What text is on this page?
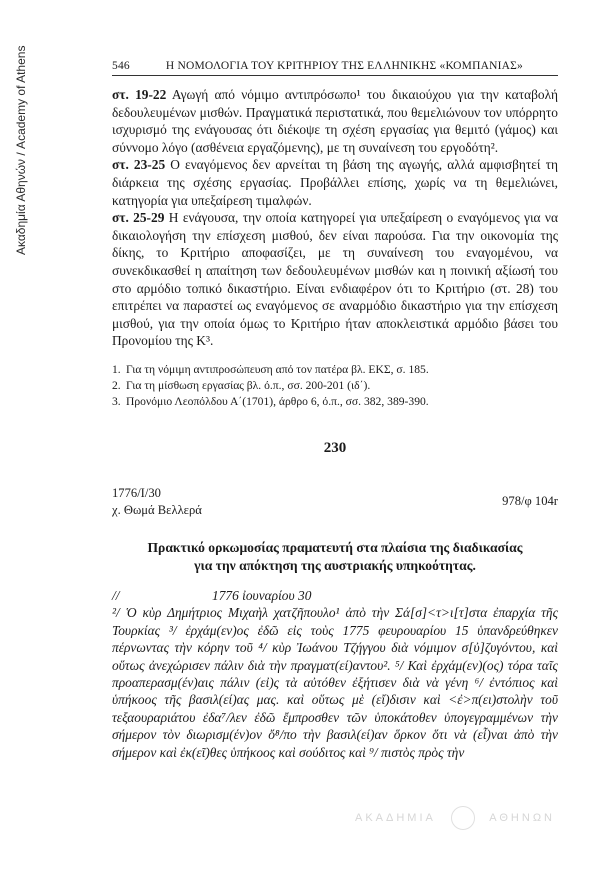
Ακαδημία Αθηνών / Academy of Athens	546	Η ΝΟΜΟΛΟΓΙΑ ΤΟΥ ΚΡΙΤΗΡΙΟΥ ΤΗΣ ΕΛΛΗΝΙΚΗΣ «ΚΟΜΠΑΝΙΑΣ»

στ. 19-22 Αγωγή από νόμιμο αντιπρόσωπο¹ του δικαιούχου για την καταβολή δεδουλευμένων μισθών. Πραγματικά περιστατικά, που θεμελιώνουν τον υπόρρητο ισχυρισμό της ενάγουσας ότι διέκοψε τη σχέση εργασίας για θεμιτό (γάμος) και σύννομο λόγο (ασθένεια εργαζόμενης), με τη συναίνεση του εργοδότη².

στ. 23-25 Ο εναγόμενος δεν αρνείται τη βάση της αγωγής, αλλά αμφισβητεί τη διάρκεια της σχέσης εργασίας. Προβάλλει επίσης, χωρίς να τη θεμελιώνει, κατηγορία για υπεξαίρεση τιμαλφών.

στ. 25-29 Η ενάγουσα, την οποία κατηγορεί για υπεξαίρεση ο εναγόμενος για να δικαιολογήση την επίσχεση μισθού, δεν είναι παρούσα. Για την οικονομία της δίκης, το Κριτήριο αποφασίζει, με τη συναίνεση του εναγομένου, να συνεκδικασθεί η απαίτηση των δεδουλευμένων μισθών και η ποινική αξίωσή του στο αρμόδιο τοπικό δικαστήριο. Είναι ενδιαφέρον ότι το Κριτήριο (στ. 28) του επιτρέπει να παραστεί ως εναγόμενος σε αναρμόδιο δικαστήριο για την επίσχεση μισθού, για την οποία όμως το Κριτήριο ήταν αποκλειστικά αρμόδιο βάσει του Προνομίου της Κ³.

1. Για τη νόμιμη αντιπροσώπευση από τον πατέρα βλ. ΕΚΣ, σ. 185.
2. Για τη μίσθωση εργασίας βλ. ό.π., σσ. 200-201 (ιδ΄).
3. Προνόμιο Λεοπόλδου Α΄(1701), άρθρο 6, ό.π., σσ. 382, 389-390.
230
1776/Ι/30
χ. Θωμά Βελλερά
978/φ 104r
Πρακτικό ορκωμοσίας πραματευτή στα πλαίσια της διαδικασίας
για την απόκτηση της αυστριακής υπηκοότητας.
//	1776 ἰουναρίου 30

²/ Ὁ κὺρ Δημήτριος Μιχαὴλ χατζῆπουλο¹ ἀπὸ τὴν Σά[σ]<τ>ι[τ]στα ἐπαρχία τῆς Τουρκίας ³/ ἐρχάμ(εν)ος ἐδῶ εἰς τοὺς 1775 φευρουαρίου 15 ὑπανδρεύθηκεν πέρνωντας τὴν κόρην τοῦ ⁴/ κὺρ Ἰωάνου Τζήγγου διὰ νόμιμον σ[ὐ]ζυγόντου, καὶ οὕτως ἀνεχώρισεν πάλιν διὰ τὴν πραγματ(εί)αντου². ⁵/ Καὶ ἐρχάμ(εν)(ος) τόρα ταῖς προαπερασμ(έν)αις πάλιν (εἰ)ς τὰ αὐτόθεν ἐξήτισεν διὰ νὰ γένη ⁶/ ἐντόπιος καὶ ὑπήκοος τῆς βασιλ(εί)ας μας. καὶ οὕτως μὲ (εἴ)δισιν καὶ <ἐ>π(ει)στολὴν τοῦ τεξαουραριάτου ἐδα⁷/λεν ἐδῶ ἔμπροσθεν τῶν ὑποκάτοθεν ὑπογεγραμμένων τὴν σήμερον τὸν διωρισμ(έν)ον ὄ⁸/πο τὴν βασιλ(εί)αν ὅρκον ὅτι νὰ (εἶ)ναι ἀπὸ τὴν σήμερον καὶ ἐκ(εῖ)θες ὑπήκοος καὶ σούδιτος καὶ ⁹/ πιστὸς πρὸς τὴν

ΑΚΑΔΗΜΙΑ	ΑΘΗΝΩΝ
